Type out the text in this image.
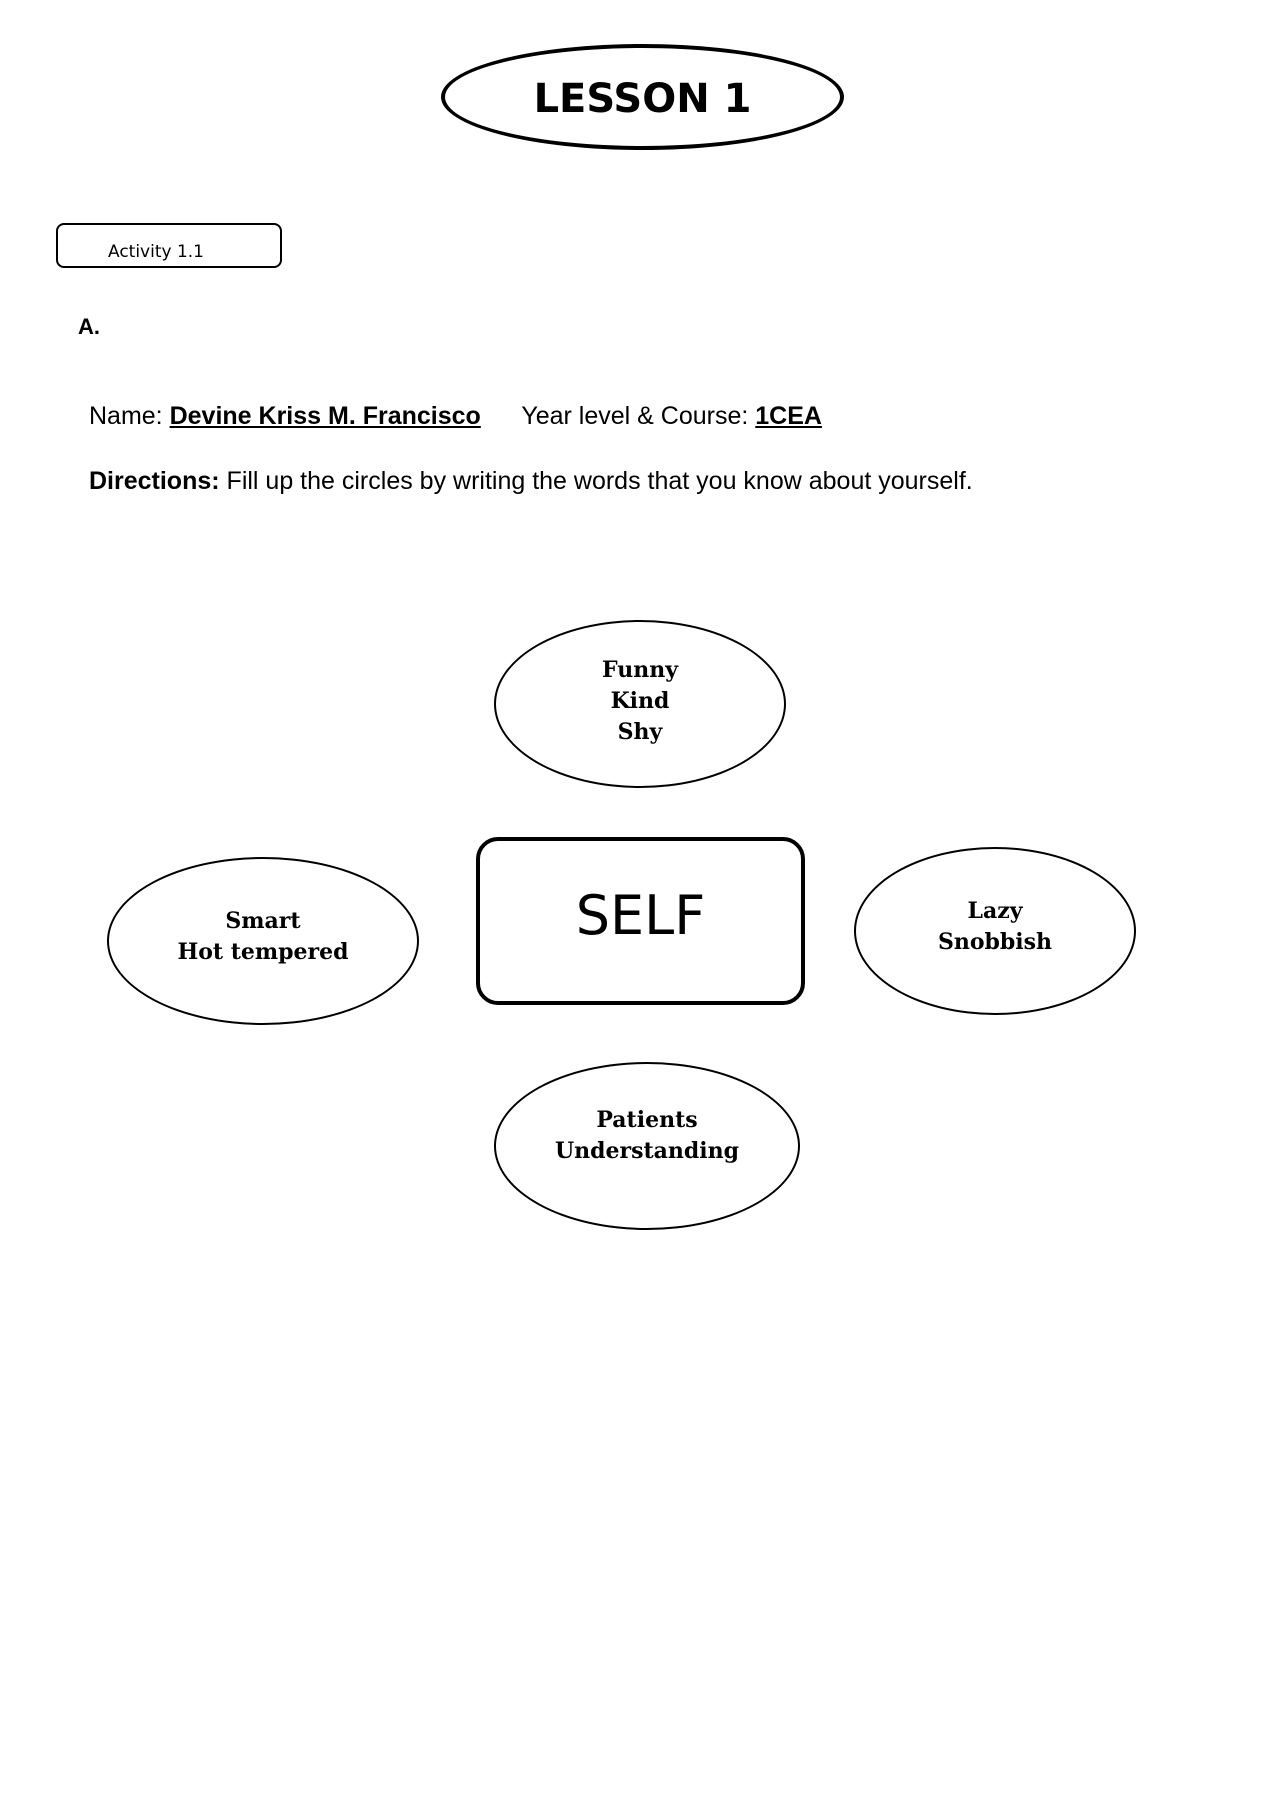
LESSON 1
Activity 1.1
A.
Name: Devine Kriss M. Francisco Year level & Course: 1CEA
Directions: Fill up the circles by writing the words that you know about yourself.
Funny
Kind
Shy
Smart
Hot tempered
SELF	Lazy
Snobbish
Patients
Understanding
